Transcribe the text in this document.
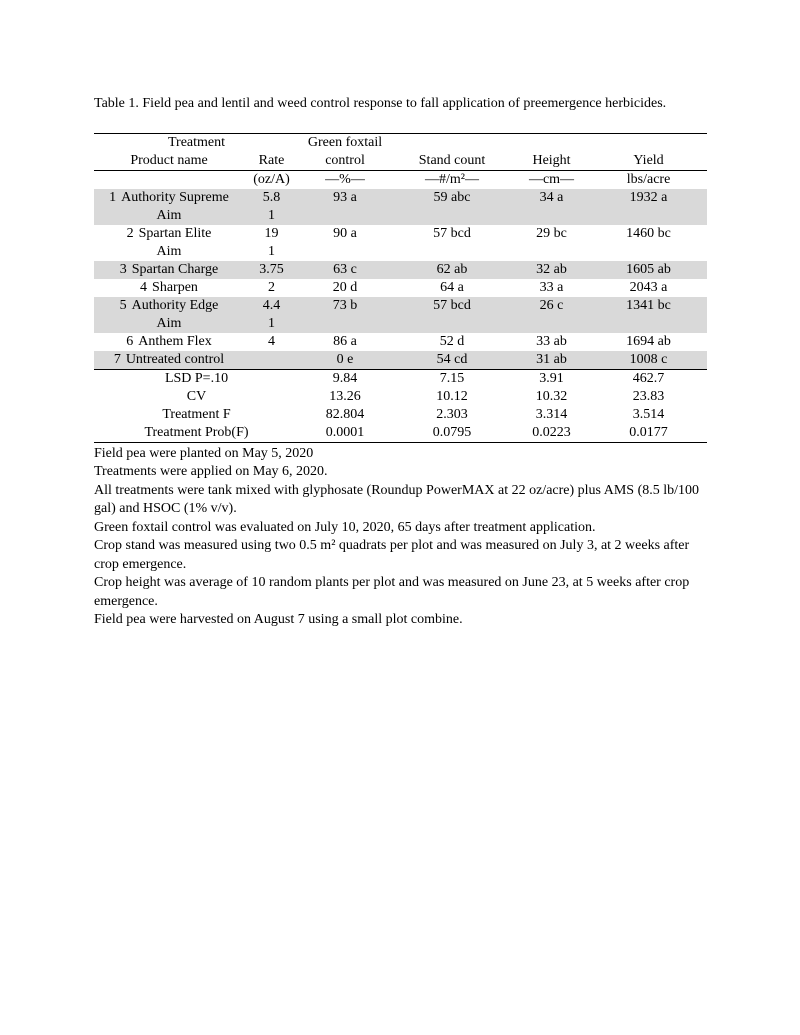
Table 1. Field pea and lentil and weed control response to fall application of preemergence herbicides.

Treatment		Green foxtail			
Product name	Rate	control	Stand count	Height	Yield
	(oz/A)	—%—	—#/m²—	—cm—	lbs/acre
1 Authority Supreme	5.8	93 a	59 abc	34 a	1932 a
Aim	1				
2 Spartan Elite	19	90 a	57 bcd	29 bc	1460 bc
Aim	1				
3 Spartan Charge	3.75	63 c	62 ab	32 ab	1605 ab
4 Sharpen	2	20 d	64 a	33 a	2043 a
5 Authority Edge	4.4	73 b	57 bcd	26 c	1341 bc
Aim	1				
6 Anthem Flex	4	86 a	52 d	33 ab	1694 ab
7 Untreated control		0 e	54 cd	31 ab	1008 c
LSD P=.10		9.84	7.15	3.91	462.7
CV		13.26	10.12	10.32	23.83
Treatment F		82.804	2.303	3.314	3.514
Treatment Prob(F)		0.0001	0.0795	0.0223	0.0177

Field pea were planted on May 5, 2020

Treatments were applied on May 6, 2020.

All treatments were tank mixed with glyphosate (Roundup PowerMAX at 22 oz/acre) plus AMS (8.5 lb/100 gal) and HSOC (1% v/v).

Green foxtail control was evaluated on July 10, 2020, 65 days after treatment application.

Crop stand was measured using two 0.5 m² quadrats per plot and was measured on July 3, at 2 weeks after crop emergence.

Crop height was average of 10 random plants per plot and was measured on June 23, at 5 weeks after crop emergence.

Field pea were harvested on August 7 using a small plot combine.
